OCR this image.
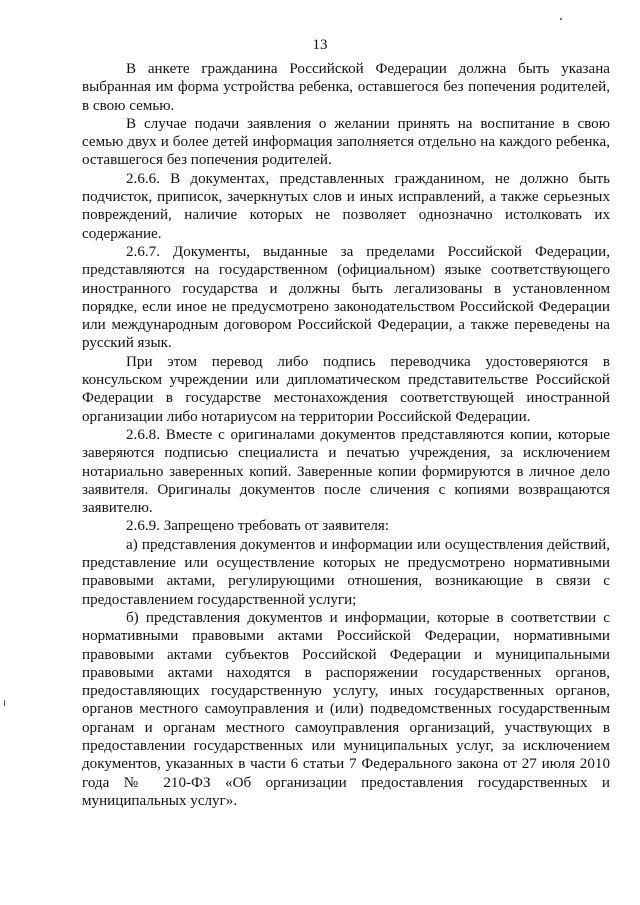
13

В анкете гражданина Российской Федерации должна быть указана выбранная им форма устройства ребенка, оставшегося без попечения родителей, в свою семью.

В случае подачи заявления о желании принять на воспитание в свою семью двух и более детей информация заполняется отдельно на каждого ребенка, оставшегося без попечения родителей.

2.6.6. В документах, представленных гражданином, не должно быть подчисток, приписок, зачеркнутых слов и иных исправлений, а также серьезных повреждений, наличие которых не позволяет однозначно истолковать их содержание.

2.6.7. Документы, выданные за пределами Российской Федерации, представляются на государственном (официальном) языке соответствующего иностранного государства и должны быть легализованы в установленном порядке, если иное не предусмотрено законодательством Российской Федерации или международным договором Российской Федерации, а также переведены на русский язык.

При этом перевод либо подпись переводчика удостоверяются в консульском учреждении или дипломатическом представительстве Российской Федерации в государстве местонахождения соответствующей иностранной организации либо нотариусом на территории Российской Федерации.

2.6.8. Вместе с оригиналами документов представляются копии, которые заверяются подписью специалиста и печатью учреждения, за исключением нотариально заверенных копий. Заверенные копии формируются в личное дело заявителя. Оригиналы документов после сличения с копиями возвращаются заявителю.

2.6.9. Запрещено требовать от заявителя:

а) представления документов и информации или осуществления действий, представление или осуществление которых не предусмотрено нормативными правовыми актами, регулирующими отношения, возникающие в связи с предоставлением государственной услуги;

б) представления документов и информации, которые в соответствии с нормативными правовыми актами Российской Федерации, нормативными правовыми актами субъектов Российской Федерации и муниципальными правовыми актами находятся в распоряжении государственных органов, предоставляющих государственную услугу, иных государственных органов, органов местного самоуправления и (или) подведомственных государственным органам и органам местного самоуправления организаций, участвующих в предоставлении государственных или муниципальных услуг, за исключением документов, указанных в части 6 статьи 7 Федерального закона от 27 июля 2010 года № 210-ФЗ «Об организации предоставления государственных и муниципальных услуг».
